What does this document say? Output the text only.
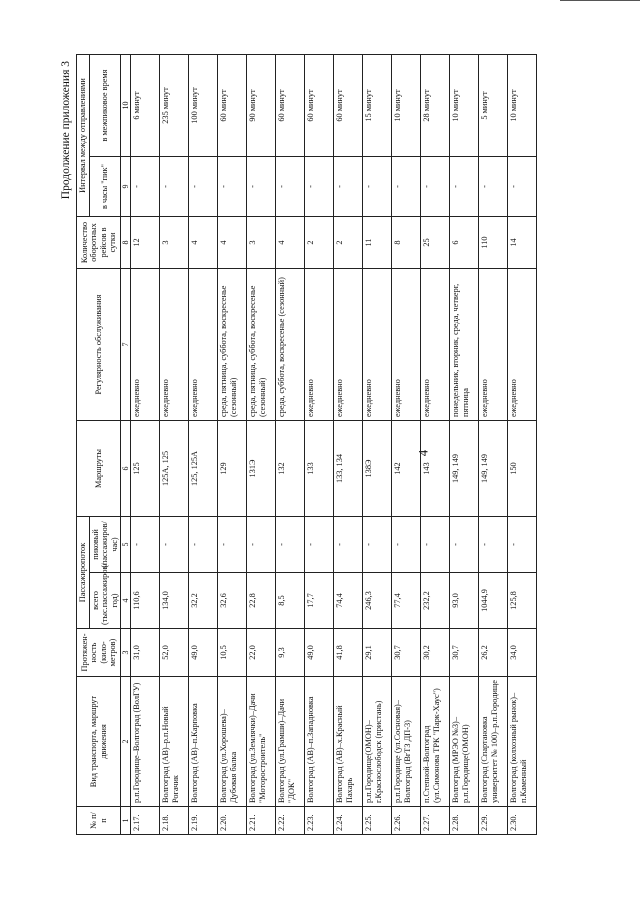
4
Продолжение приложения 3
№ п/п	Вид транспорта, маршрут движения	Протяжен-ность (кило-метров)	Пассажиропоток		Маршруты	Регулярность обслуживания	Количество оборотных рейсов в сутки	Интервал между отправлениями	
			всего (тыс.пассажиров/год)	пиковый (пассажиров/час)				в часы "пик"	в межпиковое время
1	2	3	4	5	6	7	8	9	10
2.17.	р.п.Городище–Волгоград (ВолГУ)	31,0	110,6	-	125	ежедневно	12	-	6 минут
2.18.	Волгоград (АВ)–р.п.Новый Рогачик	52,0	134,0	-	125А, 125	ежедневно	3	-	235 минут
2.19.	Волгоград (АВ)–п.Карповка	49,0	32,2	-	125, 125А	ежедневно	4	-	100 минут
2.20.	Волгоград (ул.Хорошева)–Дубовая балка	10,5	32,6	-	129	среда, пятница, суббота, воскресенье (сезонный)	4	-	60 минут
2.21.	Волгоград (ул.Землячки)–Дачи "Моторостроитель"	22,0	22,8	-	131Э	среда, пятница, суббота, воскресенье (сезонный)	3	-	90 минут
2.22.	Волгоград (ул.Грамши)–Дачи "ДОК"	9,3	8,5	-	132	среда, суббота, воскресенье (сезонный)	4	-	60 минут
2.23.	Волгоград (АВ)–п.Западновка	49,0	17,7	-	133	ежедневно	2	-	60 минут
2.24.	Волгоград (АВ)–х.Красный Пахарь	41,8	74,4	-	133, 134	ежедневно	2	-	60 минут
2.25.	р.п.Городище(ОМОН)–г.Краснослободск (пристань)	29,1	246,3	-	138Э	ежедневно	11	-	15 минут
2.26.	р.п.Городище (ул.Сосновая)–Волгоград (ВгТЗ ДП-3)	30,7	77,4	-	142	ежедневно	8	-	10 минут
2.27.	п.Степной–Волгоград (ул.Симонова ТРК "Парк-Хаус")	30,2	232,2	-	143	ежедневно	25	-	28 минут
2.28.	Волгоград (МРЭО №3)–р.п.Городище(ОМОН)	30,7	93,0	-	149, 149	понедельник, вторник, среда, четверг, пятница	6	-	10 минут
2.29.	Волгоград (Спартановка университет № 100)–р.п.Городище	26,2	1044,9	-	149, 149	ежедневно	110	-	5 минут
2.30.	Волгоград (колхозный рынок)–п.Каменный	34,0	125,8	-	150	ежедневно	14	-	10 минут
